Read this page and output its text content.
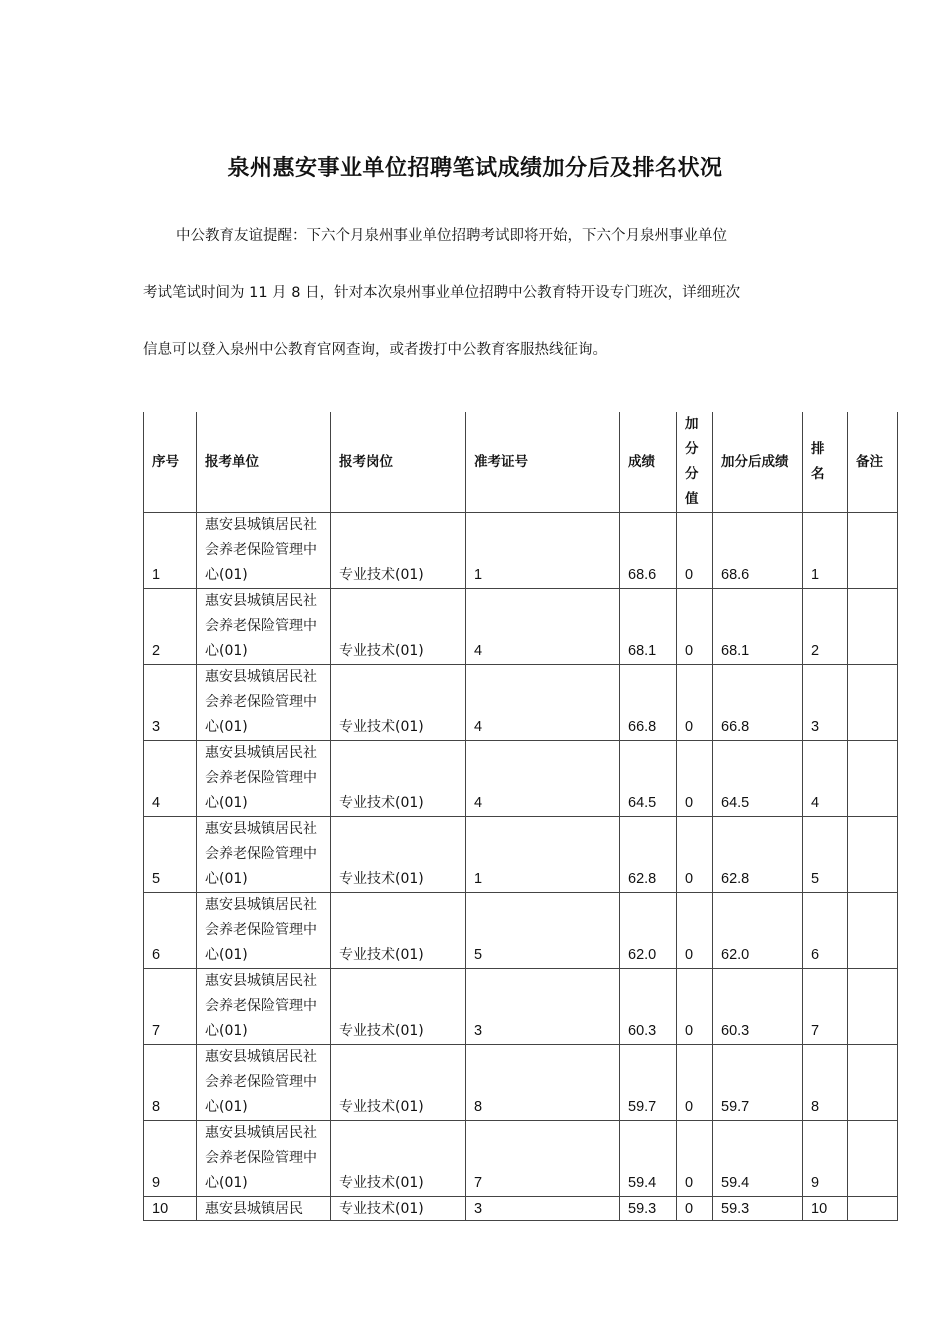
泉州惠安事业单位招聘笔试成绩加分后及排名状况
中公教育友谊提醒：下六个月泉州事业单位招聘考试即将开始，下六个月泉州事业单位
考试笔试时间为 11 月 8 日，针对本次泉州事业单位招聘中公教育特开设专门班次，详细班次
信息可以登入泉州中公教育官网查询，或者拨打中公教育客服热线征询。
序号	报考单位	报考岗位	准考证号	成绩	加分分值	加分后成绩	排名	备注
1	惠安县城镇居民社会养老保险管理中心(01)	专业技术(01)	1	68.6	0	68.6	1	
2	惠安县城镇居民社会养老保险管理中心(01)	专业技术(01)	4	68.1	0	68.1	2	
3	惠安县城镇居民社会养老保险管理中心(01)	专业技术(01)	4	66.8	0	66.8	3	
4	惠安县城镇居民社会养老保险管理中心(01)	专业技术(01)	4	64.5	0	64.5	4	
5	惠安县城镇居民社会养老保险管理中心(01)	专业技术(01)	1	62.8	0	62.8	5	
6	惠安县城镇居民社会养老保险管理中心(01)	专业技术(01)	5	62.0	0	62.0	6	
7	惠安县城镇居民社会养老保险管理中心(01)	专业技术(01)	3	60.3	0	60.3	7	
8	惠安县城镇居民社会养老保险管理中心(01)	专业技术(01)	8	59.7	0	59.7	8	
9	惠安县城镇居民社会养老保险管理中心(01)	专业技术(01)	7	59.4	0	59.4	9	
10	惠安县城镇居民	专业技术(01)	3	59.3	0	59.3	10	
